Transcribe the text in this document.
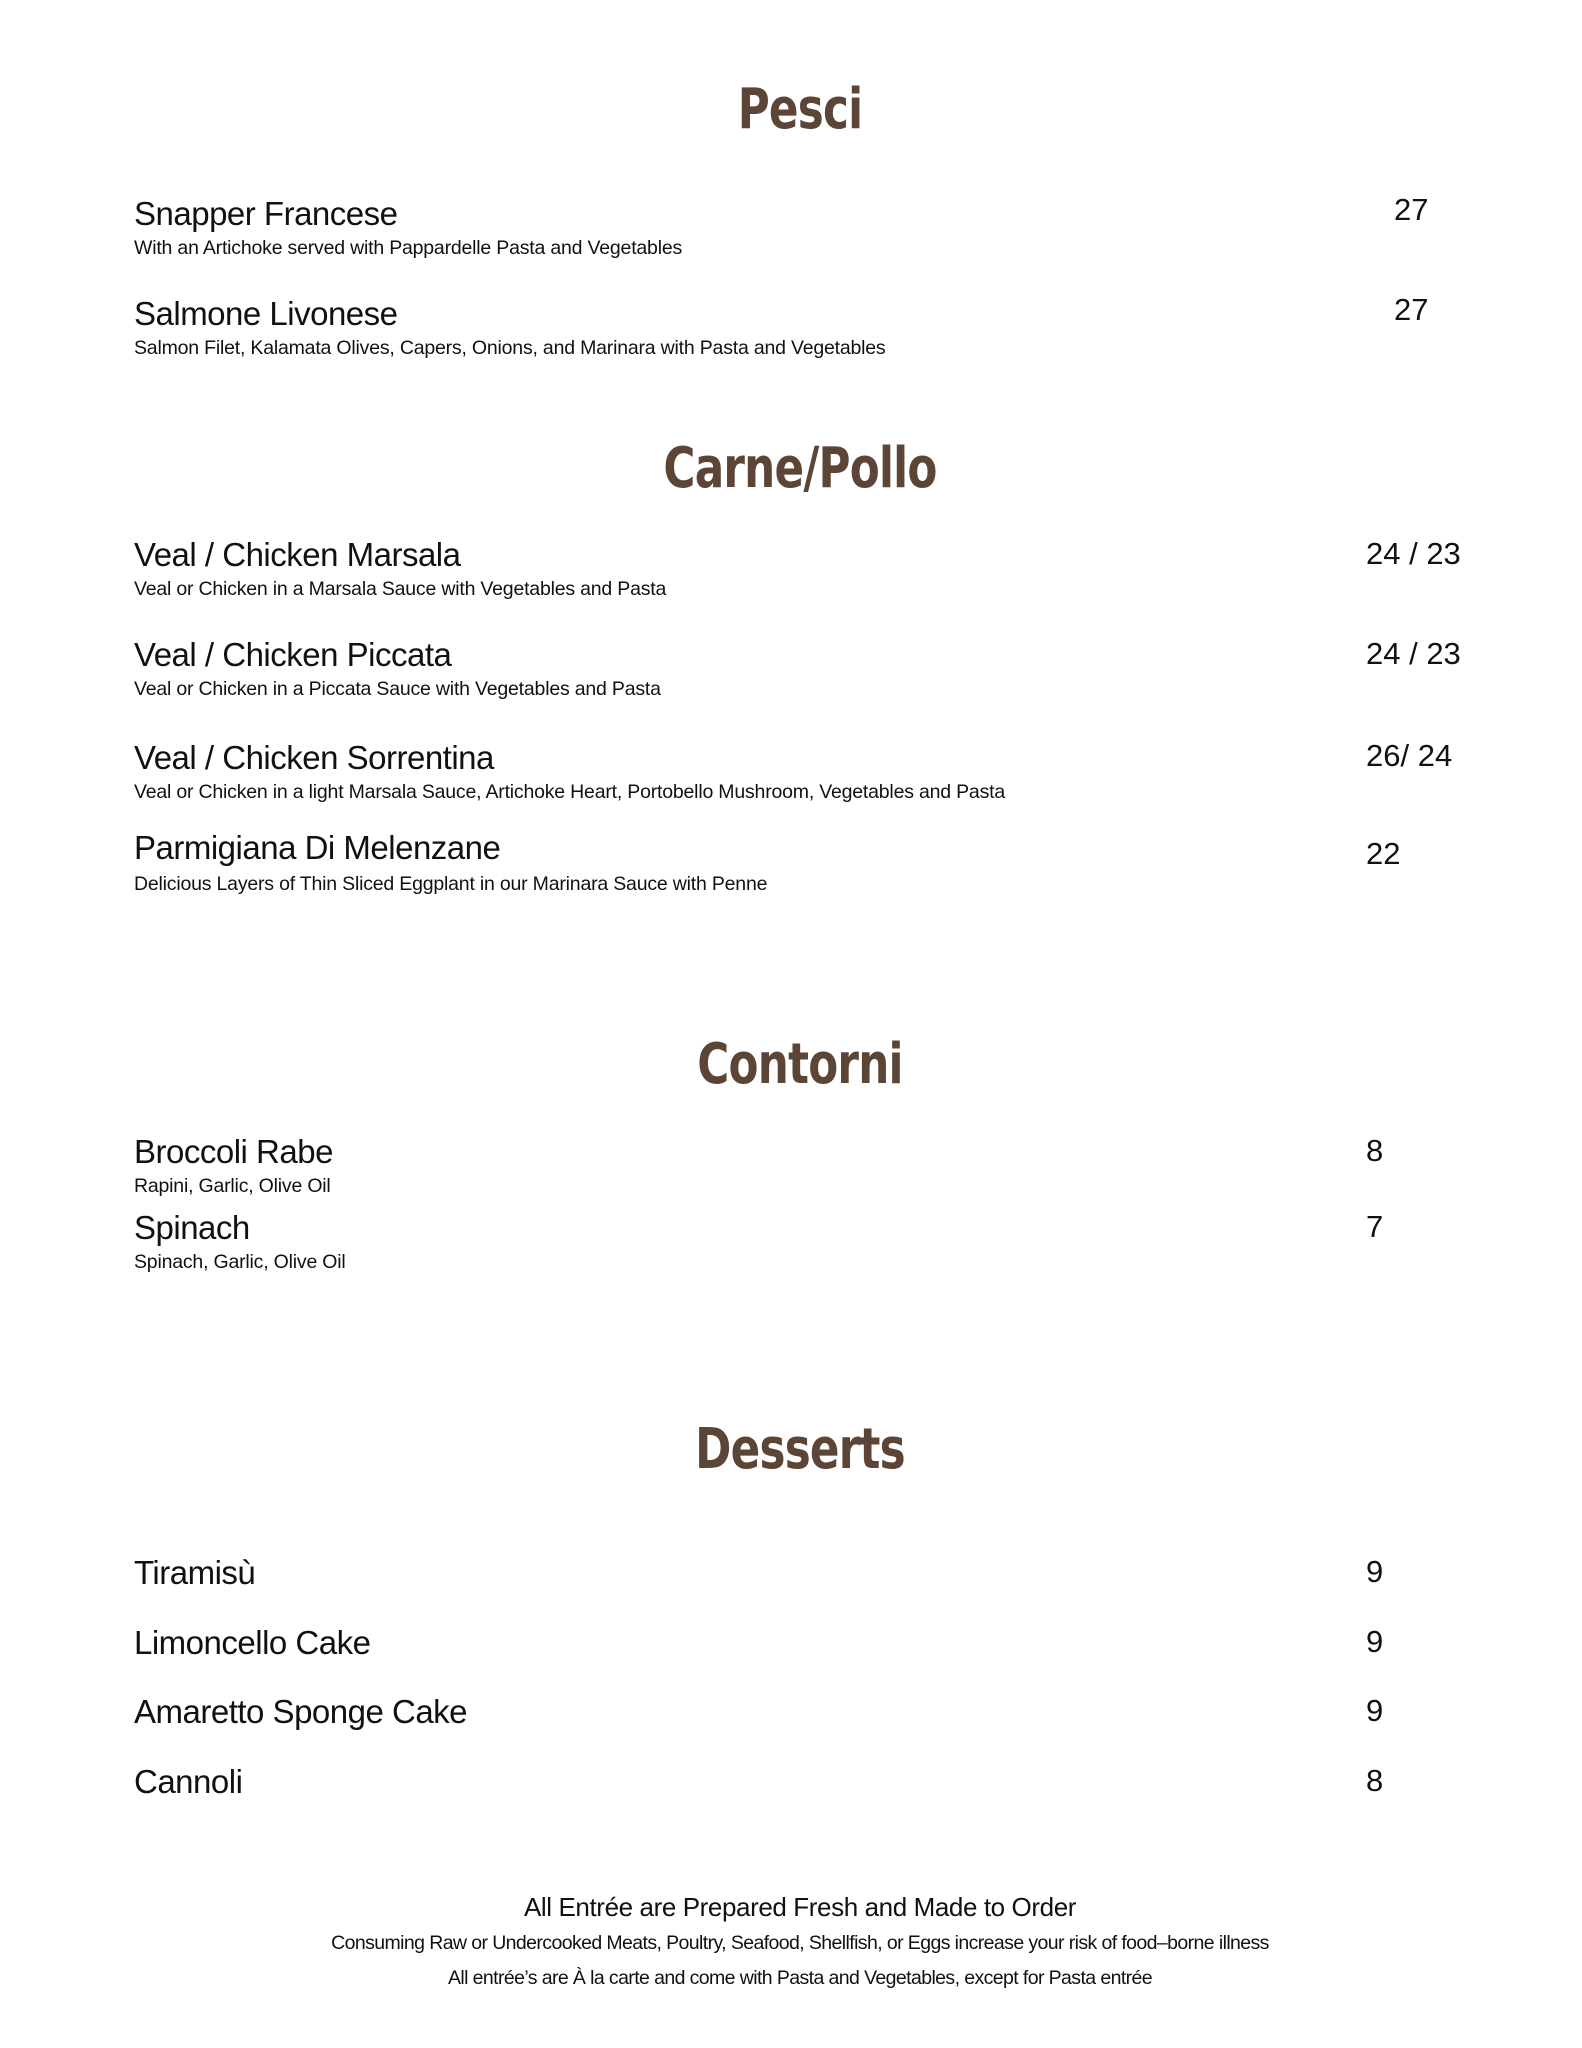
Pesci
Snapper Francese
With an Artichoke served with Pappardelle Pasta and Vegetables
27
Salmone Livonese
Salmon Filet, Kalamata Olives, Capers, Onions, and Marinara with Pasta and Vegetables
27
Carne/Pollo
Veal / Chicken Marsala
Veal or Chicken in a Marsala Sauce with Vegetables and Pasta
24 / 23
Veal / Chicken Piccata
Veal or Chicken in a Piccata Sauce with Vegetables and Pasta
24 / 23
Veal / Chicken Sorrentina
Veal or Chicken in a light Marsala Sauce, Artichoke Heart, Portobello Mushroom, Vegetables and Pasta
26/ 24
Parmigiana Di Melenzane
Delicious Layers of Thin Sliced Eggplant in our Marinara Sauce with Penne
22
Contorni
Broccoli Rabe
Rapini, Garlic, Olive Oil
8
Spinach
Spinach, Garlic, Olive Oil
7
Desserts
Tiramisù	9
Limoncello Cake	9
Amaretto Sponge Cake	9
Cannoli	8
All Entrée are Prepared Fresh and Made to Order
Consuming Raw or Undercooked Meats, Poultry, Seafood, Shellfish, or Eggs increase your risk of food–borne illness
All entrée’s are À la carte and come with Pasta and Vegetables, except for Pasta entrée
